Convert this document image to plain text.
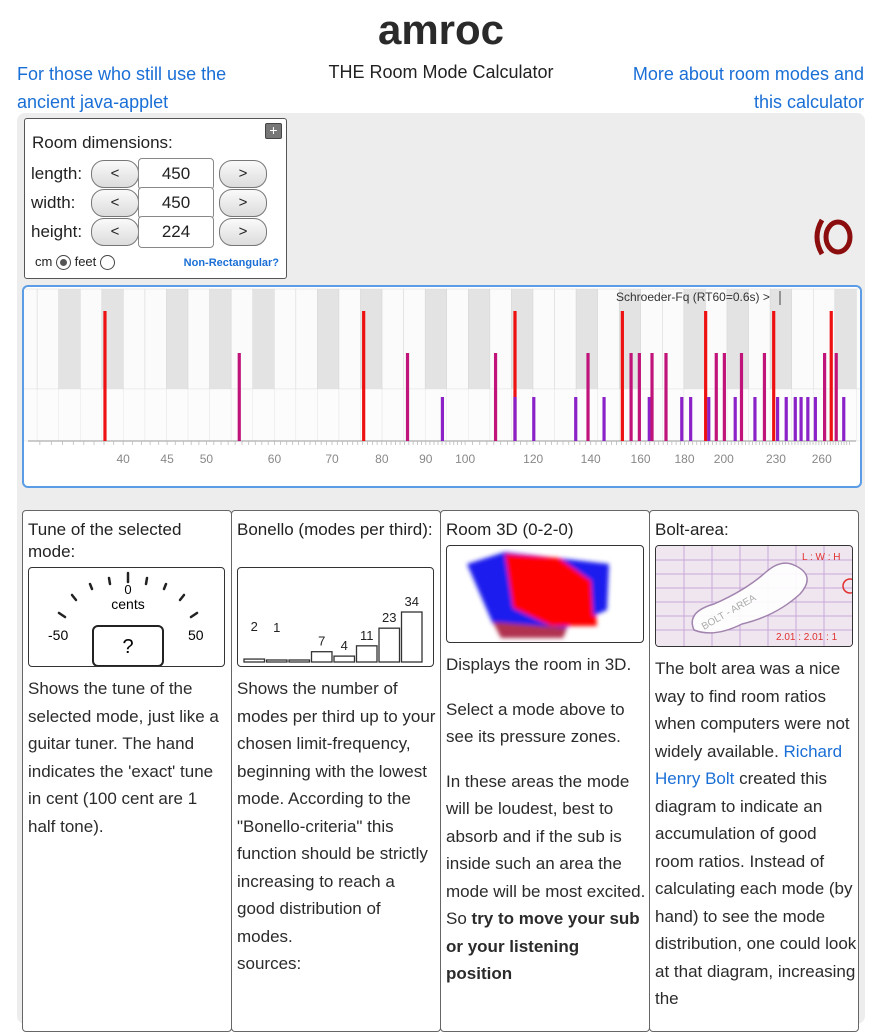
amroc
For those who still use the ancient java-applet
THE Room Mode Calculator	More about room modes and this calculator
+
Room dimensions:
length:	<	450	>
width:	<	450	>
height:	<	224	>
cm feet	Non-Rectangular?
Schroeder-Fq (RT60=0.6s) >
40	45 50	60	70	80	90 100	120	140 160 180 200	230 260
Tune of the selected mode:
0
cents
-50	50
?

Shows the tune of the selected mode, just like a guitar tuner. The hand indicates the 'exact' tune in cent (100 cent are 1 half tone).

Bonello (modes per third):
2 1
7 4
11
23
34

Shows the number of modes per third up to your chosen limit-frequency, beginning with the lowest mode. According to the "Bonello-criteria" this function should be strictly increasing to reach a good distribution of modes.

sources:

Room 3D (0-2-0)

Displays the room in 3D.

Select a mode above to see its pressure zones.

In these areas the mode will be loudest, best to absorb and if the sub is inside such an area the mode will be most excited. So try to move your sub or your listening position

Bolt-area:
BOLT - AREA
L : W : H
2.01 : 2.01 : 1

The bolt area was a nice way to find room ratios when computers were not widely available. Richard Henry Bolt created this diagram to indicate an accumulation of good room ratios. Instead of calculating each mode (by hand) to see the mode distribution, one could look at that diagram, increasing the
